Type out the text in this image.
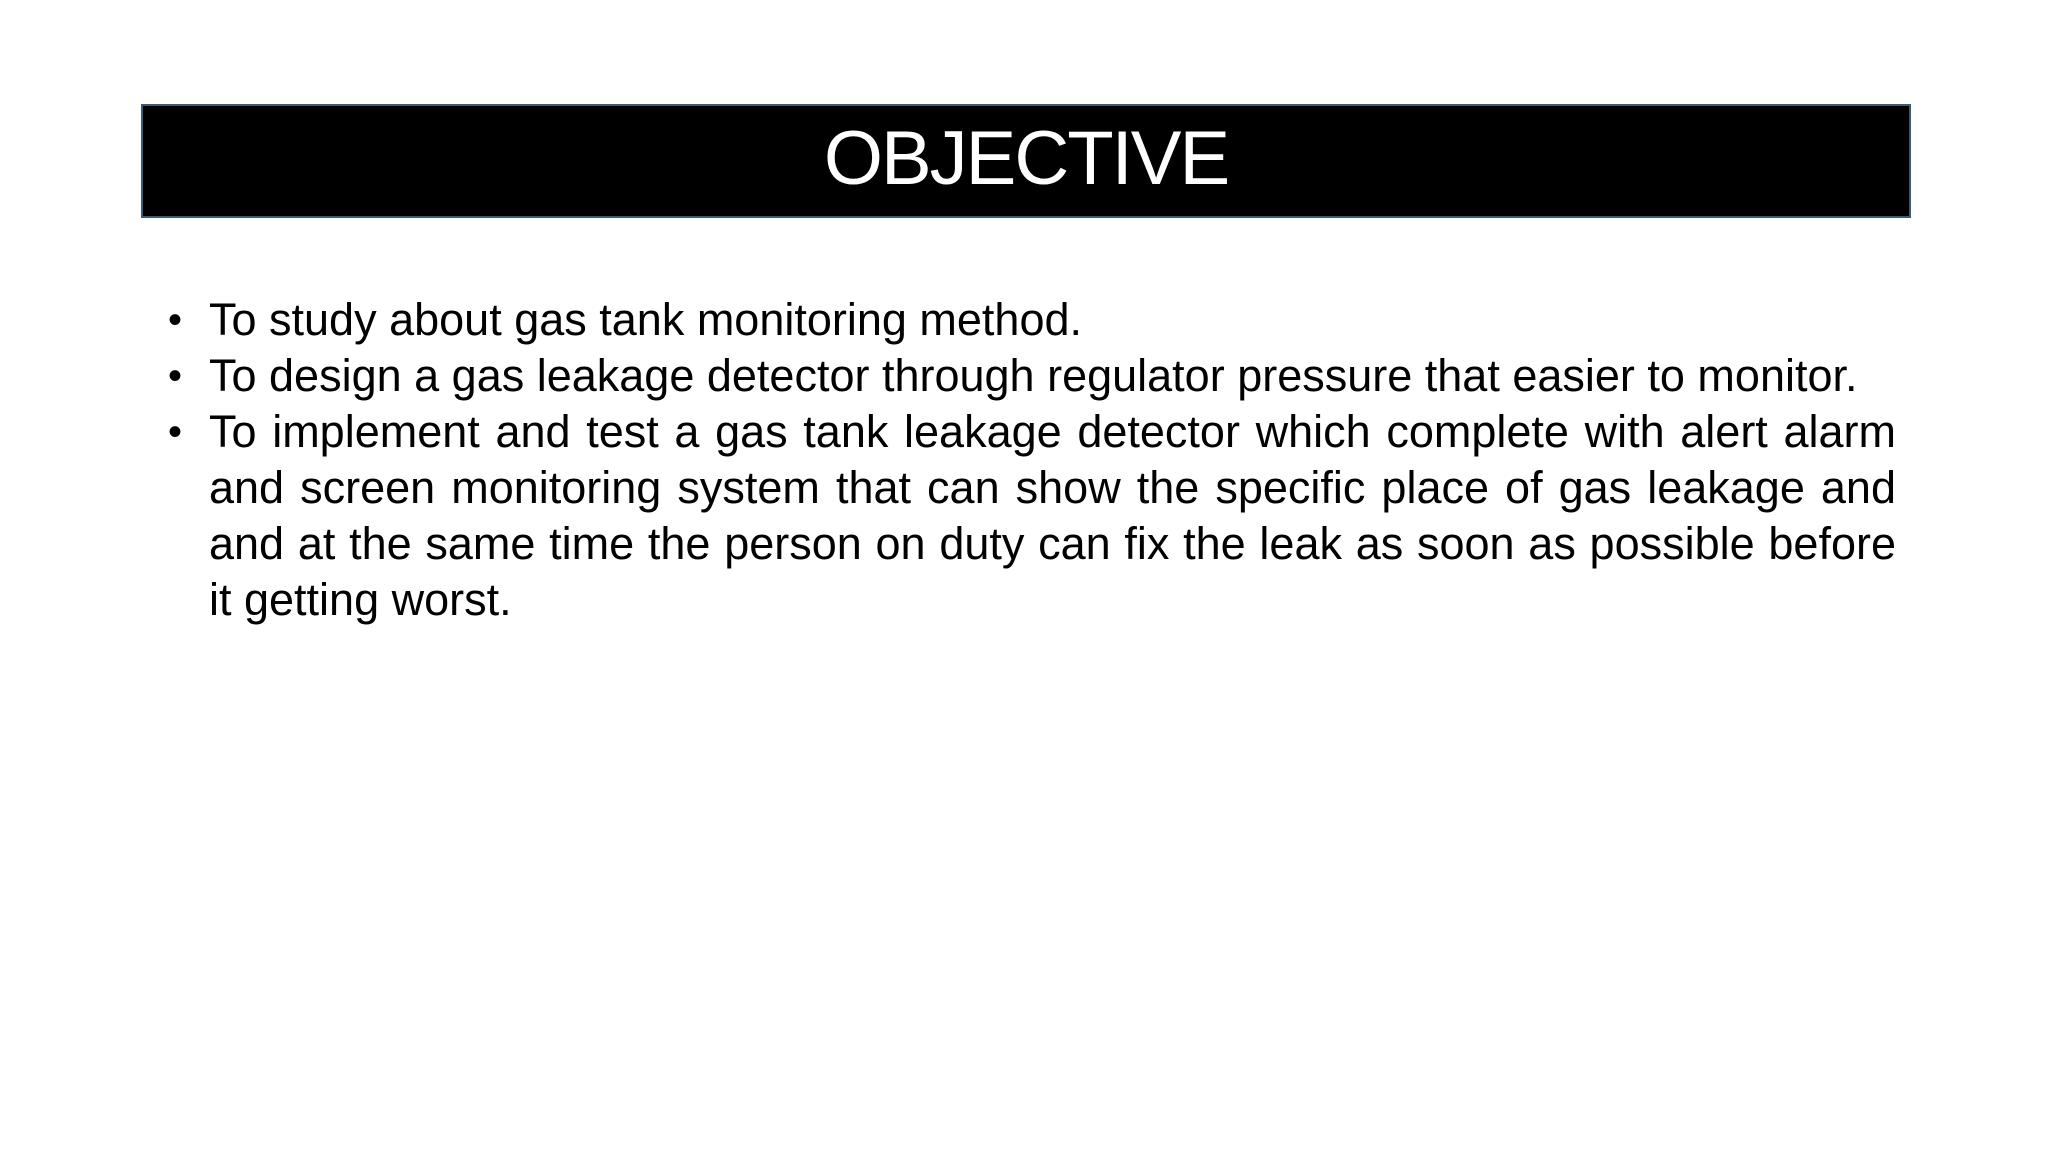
OBJECTIVE
• To study about gas tank monitoring method.
• To design a gas leakage detector through regulator pressure that easier to monitor.
• To implement and test a gas tank leakage detector which complete with alert alarm and screen monitoring system that can show the specific place of gas leakage and and at the same time the person on duty can fix the leak as soon as possible before it getting worst.
